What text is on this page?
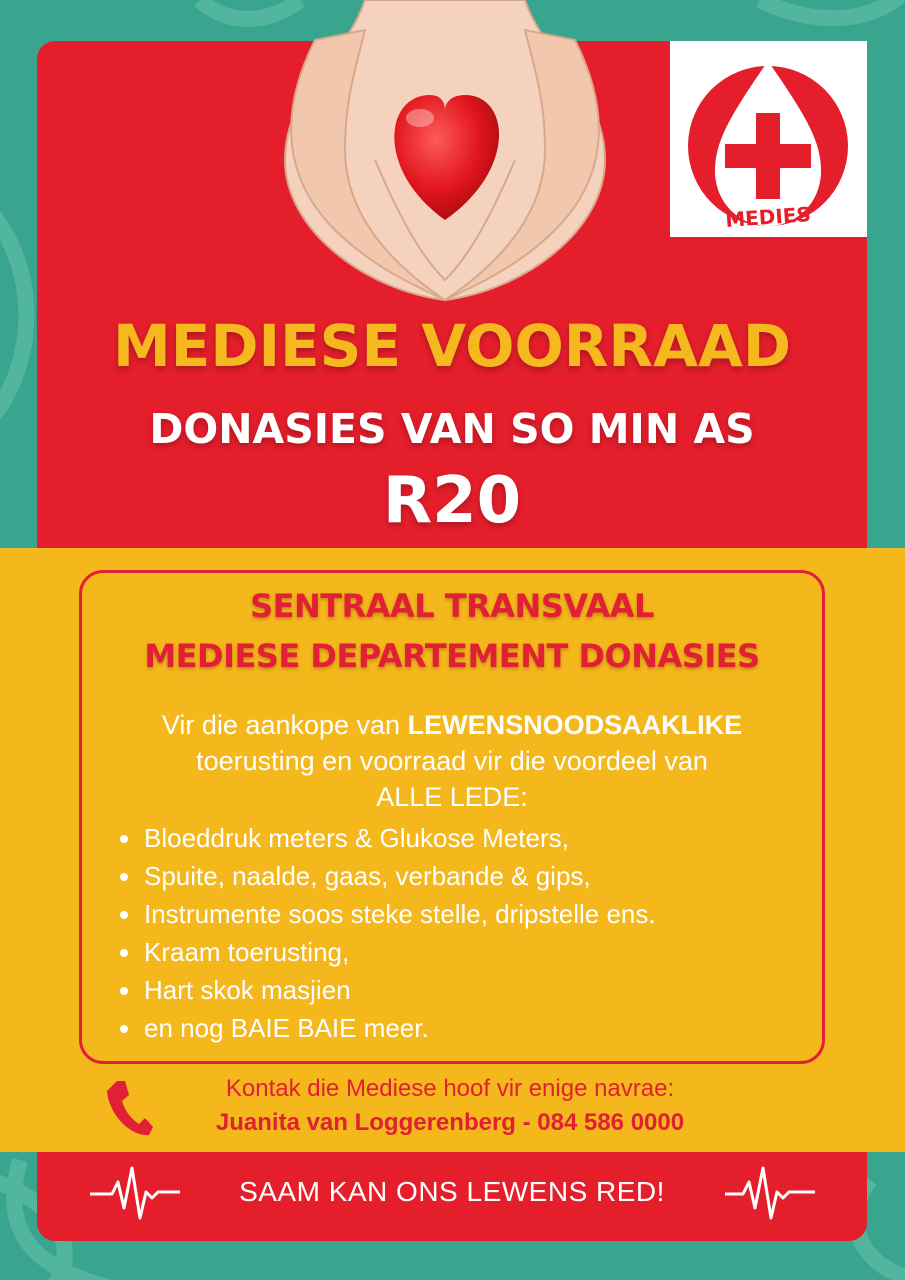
MEDIES
MEDIESE VOORRAAD
DONASIES VAN SO MIN AS
R20
SENTRAAL TRANSVAAL
MEDIESE DEPARTEMENT DONASIES
Vir die aankope van LEWENSNOODSAAKLIKE
toerusting en voorraad vir die voordeel van
ALLE LEDE:
Bloeddruk meters & Glukose Meters,
Spuite, naalde, gaas, verbande & gips,
Instrumente soos steke stelle, dripstelle ens.
Kraam toerusting,
Hart skok masjien
en nog BAIE BAIE meer.
Kontak die Mediese hoof vir enige navrae:
Juanita van Loggerenberg - 084 586 0000
SAAM KAN ONS LEWENS RED!
